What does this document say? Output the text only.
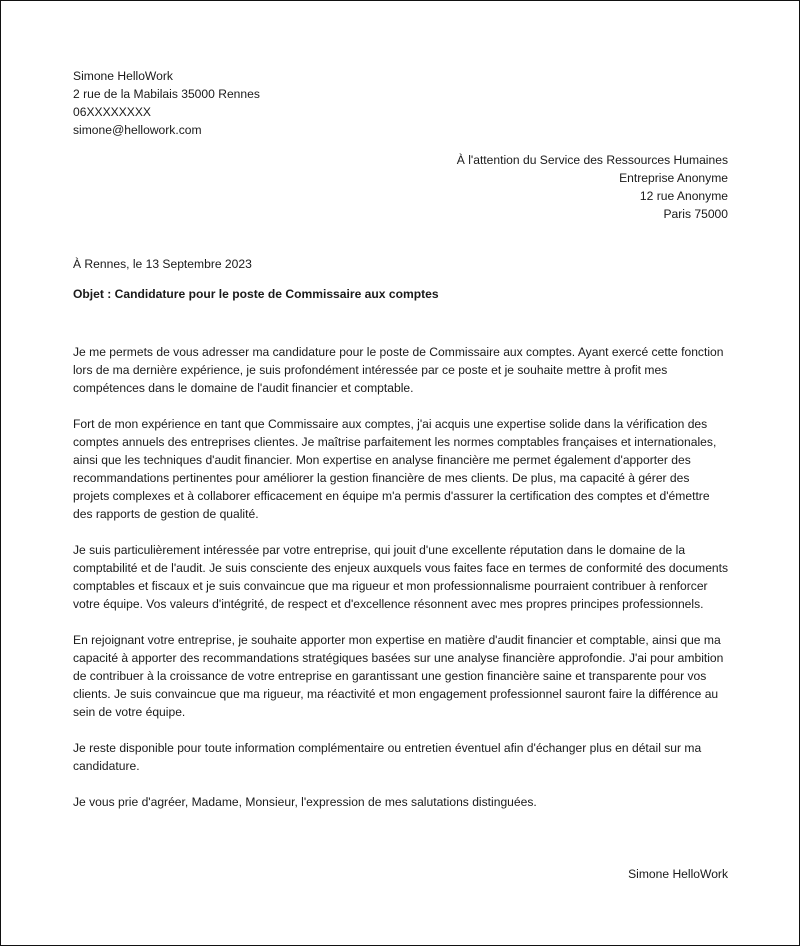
Simone HelloWork
2 rue de la Mabilais 35000 Rennes
06XXXXXXXX
simone@hellowork.com
À l'attention du Service des Ressources Humaines
Entreprise Anonyme
12 rue Anonyme
Paris 75000
À Rennes, le 13 Septembre 2023
Objet : Candidature pour le poste de Commissaire aux comptes

Je me permets de vous adresser ma candidature pour le poste de Commissaire aux comptes. Ayant exercé cette fonction lors de ma dernière expérience, je suis profondément intéressée par ce poste et je souhaite mettre à profit mes compétences dans le domaine de l'audit financier et comptable.

Fort de mon expérience en tant que Commissaire aux comptes, j'ai acquis une expertise solide dans la vérification des comptes annuels des entreprises clientes. Je maîtrise parfaitement les normes comptables françaises et internationales, ainsi que les techniques d'audit financier. Mon expertise en analyse financière me permet également d'apporter des recommandations pertinentes pour améliorer la gestion financière de mes clients. De plus, ma capacité à gérer des projets complexes et à collaborer efficacement en équipe m'a permis d'assurer la certification des comptes et d'émettre des rapports de gestion de qualité.

Je suis particulièrement intéressée par votre entreprise, qui jouit d'une excellente réputation dans le domaine de la comptabilité et de l'audit. Je suis consciente des enjeux auxquels vous faites face en termes de conformité des documents comptables et fiscaux et je suis convaincue que ma rigueur et mon professionnalisme pourraient contribuer à renforcer votre équipe. Vos valeurs d'intégrité, de respect et d'excellence résonnent avec mes propres principes professionnels.

En rejoignant votre entreprise, je souhaite apporter mon expertise en matière d'audit financier et comptable, ainsi que ma capacité à apporter des recommandations stratégiques basées sur une analyse financière approfondie. J'ai pour ambition de contribuer à la croissance de votre entreprise en garantissant une gestion financière saine et transparente pour vos clients. Je suis convaincue que ma rigueur, ma réactivité et mon engagement professionnel sauront faire la différence au sein de votre équipe.

Je reste disponible pour toute information complémentaire ou entretien éventuel afin d'échanger plus en détail sur ma candidature.

Je vous prie d'agréer, Madame, Monsieur, l'expression de mes salutations distinguées.

Simone HelloWork
